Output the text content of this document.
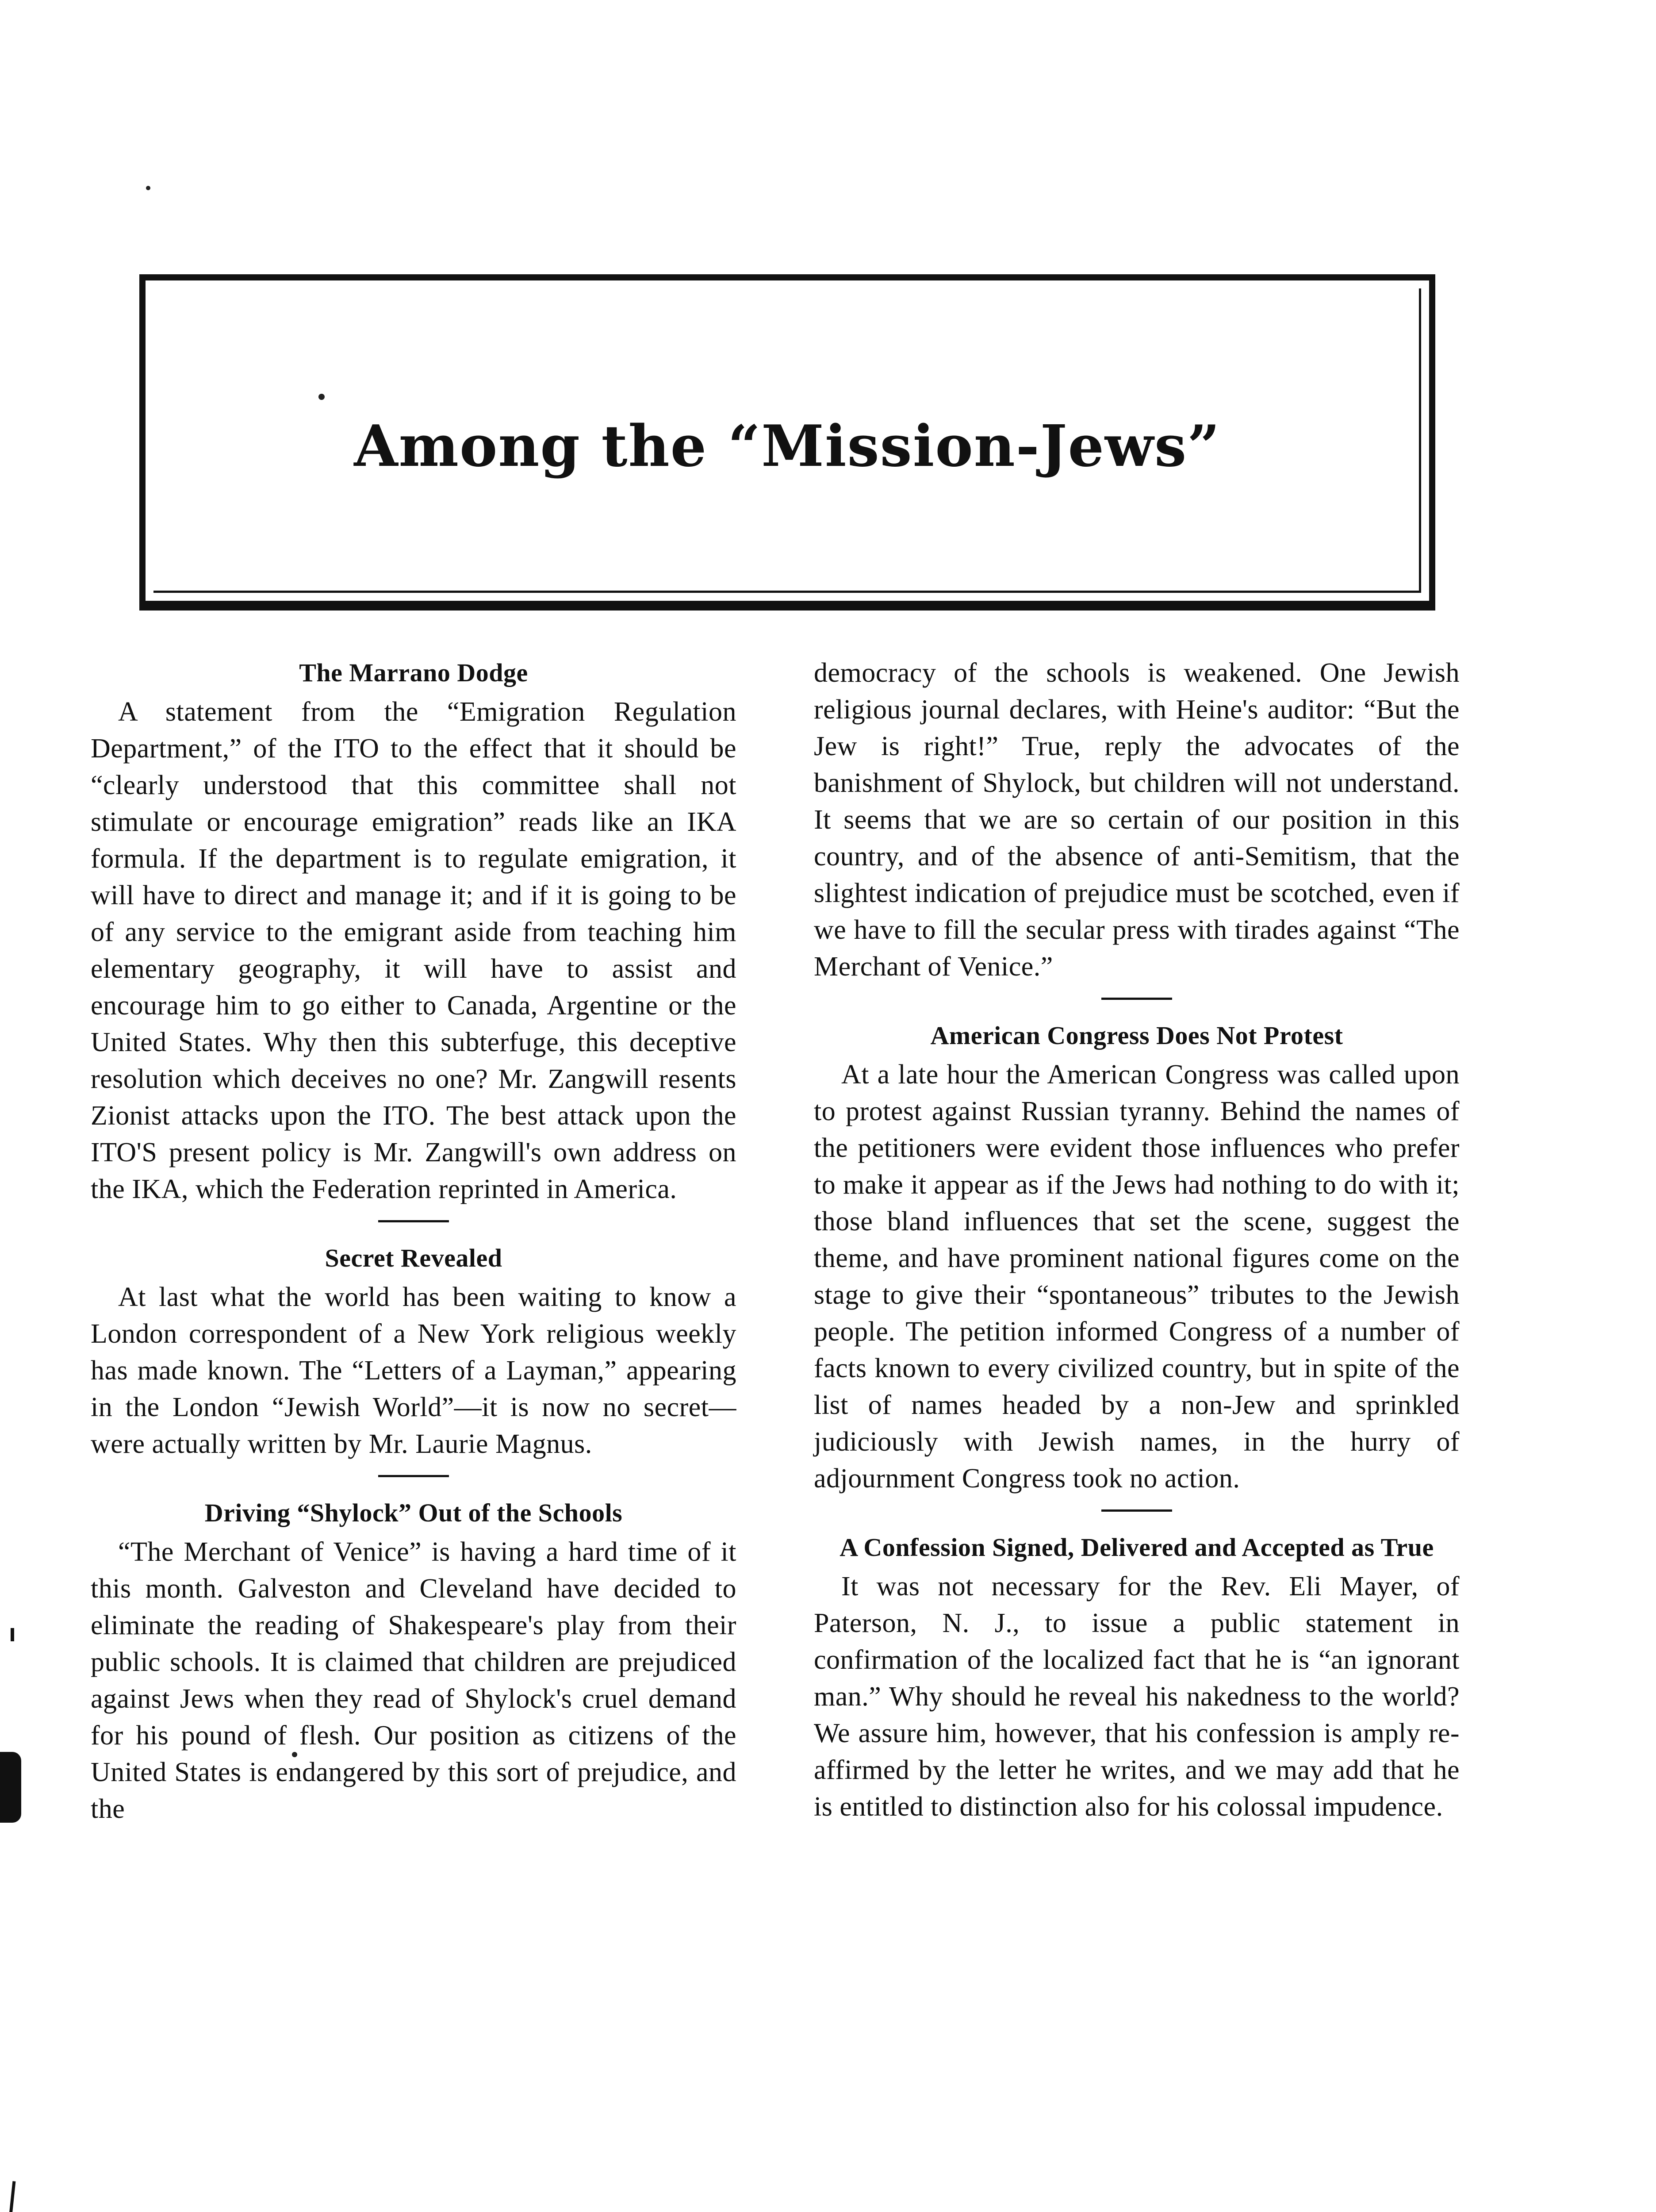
Among the “Mission-Jews”
The Marrano Dodge

A statement from the “Emigration Regulation Department,” of the ITO to the effect that it should be “clearly understood that this committee shall not stimulate or encourage emigration” reads like an IKA formula. If the department is to regulate emigration, it will have to direct and manage it; and if it is going to be of any service to the emigrant aside from teaching him elementary geography, it will have to assist and encourage him to go either to Canada, Argentine or the United States. Why then this subterfuge, this deceptive resolution which deceives no one? Mr. Zangwill resents Zionist attacks upon the ITO. The best attack upon the ITO'S present policy is Mr. Zangwill's own address on the IKA, which the Federation reprinted in America.

Secret Revealed

At last what the world has been waiting to know a London correspondent of a New York religious weekly has made known. The “Letters of a Layman,” appearing in the London “Jewish World”—it is now no secret—were actually written by Mr. Laurie Magnus.

Driving “Shylock” Out of the Schools

“The Merchant of Venice” is having a hard time of it this month. Galveston and Cleveland have decided to eliminate the reading of Shakespeare's play from their public schools. It is claimed that children are prejudiced against Jews when they read of Shylock's cruel demand for his pound of flesh. Our position as citizens of the United States is endangered by this sort of prejudice, and the

democracy of the schools is weakened. One Jewish religious journal declares, with Heine's auditor: “But the Jew is right!” True, reply the advocates of the banishment of Shylock, but children will not understand. It seems that we are so certain of our position in this country, and of the absence of anti-Semitism, that the slightest indication of prejudice must be scotched, even if we have to fill the secular press with tirades against “The Merchant of Venice.”

American Congress Does Not Protest

At a late hour the American Congress was called upon to protest against Russian tyranny. Behind the names of the petitioners were evident those influences who prefer to make it appear as if the Jews had nothing to do with it; those bland influences that set the scene, suggest the theme, and have prominent national figures come on the stage to give their “spontaneous” tributes to the Jewish people. The petition informed Congress of a number of facts known to every civilized country, but in spite of the list of names headed by a non-Jew and sprinkled judiciously with Jewish names, in the hurry of adjournment Congress took no action.

A Confession Signed, Delivered and Accepted as True

It was not necessary for the Rev. Eli Mayer, of Paterson, N. J., to issue a public statement in confirmation of the localized fact that he is “an ignorant man.” Why should he reveal his nakedness to the world? We assure him, however, that his confession is amply re-affirmed by the letter he writes, and we may add that he is entitled to distinction also for his colossal impudence.
